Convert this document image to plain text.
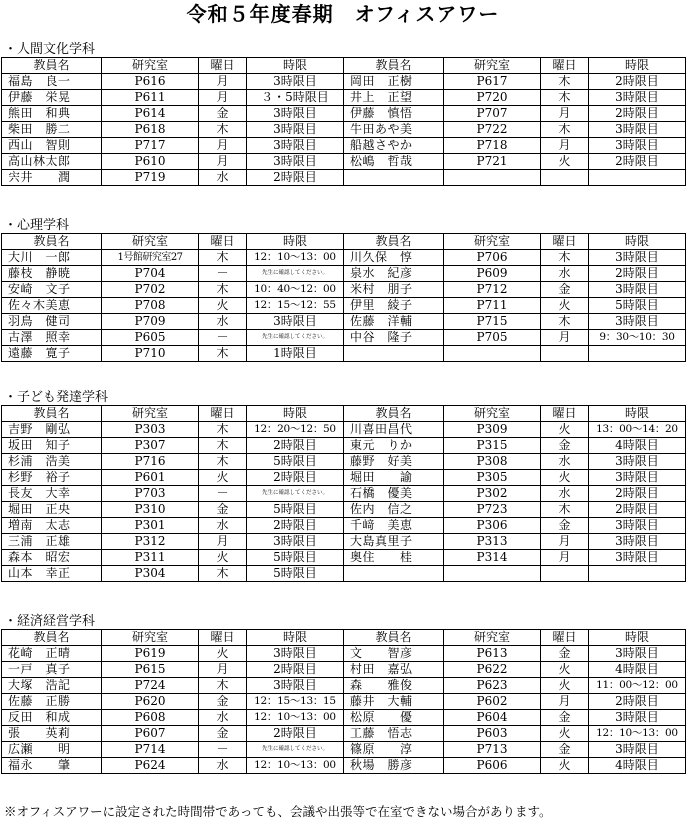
令和５年度春期　オフィスアワー
・人間文化学科
教員名	研究室	曜日	時限	教員名	研究室	曜日	時限
福島　良一	P616	月	3時限目	岡田　正樹	P617	木	2時限目
伊藤　栄晃	P611	月	３・5時限目	井上　正望	P720	木	3時限目
熊田　和典	P614	金	3時限目	伊藤　慎悟	P707	月	2時限目
柴田　勝二	P618	木	3時限目	牛田あや美	P722	木	3時限目
西山　智則	P717	月	3時限目	船越さやか	P718	月	3時限目
高山林太郎	P610	月	3時限目	松嶋　哲哉	P721	火	2時限目
宍井　　潤	P719	水	2時限目				
・心理学科
教員名	研究室	曜日	時限	教員名	研究室	曜日	時限
大川　一郎	1号館研究室27	木	12：10～13：00	川久保　惇	P706	木	3時限目
藤枝　静暁	P704	－	先生に確認してください。	泉水　紀彦	P609	水	2時限目
安崎　文子	P702	木	10：40～12：00	米村　朋子	P712	金	3時限目
佐々木美恵	P708	火	12：15～12：55	伊里　綾子	P711	火	5時限目
羽鳥　健司	P709	水	3時限目	佐藤　洋輔	P715	木	3時限目
古澤　照幸	P605	－	先生に確認してください。	中谷　隆子	P705	月	9：30～10：30
遠藤　寛子	P710	木	1時限目				
・子ども発達学科
教員名	研究室	曜日	時限	教員名	研究室	曜日	時限
吉野　剛弘	P303	木	12：20～12：50	川喜田昌代	P309	火	13：00～14：20
坂田　知子	P307	木	2時限目	東元　りか	P315	金	4時限目
杉浦　浩美	P716	木	5時限目	藤野　好美	P308	水	3時限目
杉野　裕子	P601	火	2時限目	堀田　　諭	P305	火	3時限目
長友　大幸	P703	－	先生に確認してください。	石橋　優美	P302	水	2時限目
堀田　正央	P310	金	5時限目	佐内　信之	P723	木	2時限目
増南　太志	P301	水	2時限目	千﨑　美恵	P306	金	3時限目
三浦　正雄	P312	月	3時限目	大島真里子	P313	月	3時限目
森本　昭宏	P311	火	5時限目	奥住　　桂	P314	月	3時限目
山本　幸正	P304	木	5時限目				
・経済経営学科
教員名	研究室	曜日	時限	教員名	研究室	曜日	時限
花崎　正晴	P619	火	3時限目	文　　智彦	P613	金	3時限目
一戸　真子	P615	月	2時限目	村田　嘉弘	P622	火	4時限目
大塚　浩記	P724	木	3時限目	森　　雅俊	P623	火	11：00～12：00
佐藤　正勝	P620	金	12：15～13：15	藤井　大輔	P602	月	2時限目
反田　和成	P608	水	12：10～13：00	松原　　優	P604	金	3時限目
張　　英莉	P607	金	2時限目	工藤　悟志	P603	火	12：10～13：00
広瀬　　明	P714	－	先生に確認してください。	篠原　　淳	P713	金	3時限目
福永　　肇	P624	水	12：10～13：00	秋場　勝彦	P606	火	4時限目
※オフィスアワーに設定された時間帯であっても、会議や出張等で在室できない場合があります。
